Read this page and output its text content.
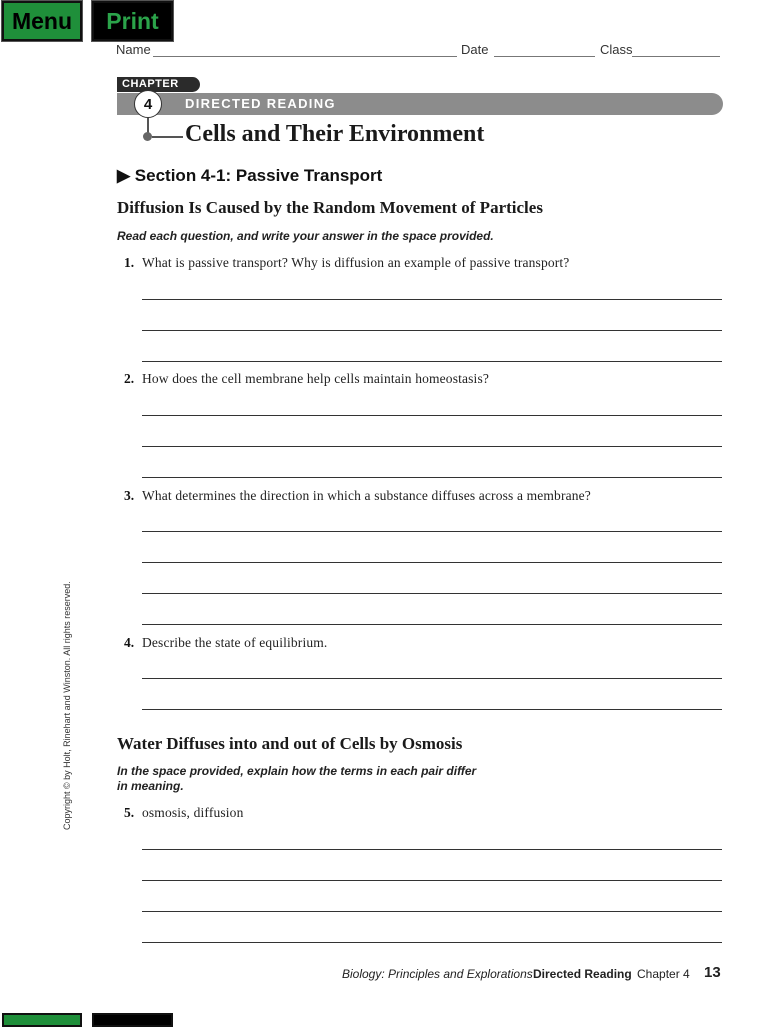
Menu	Print
Name	Date	Class
CHAPTER
DIRECTED READING
4
Cells and Their Environment
▶ Section 4-1: Passive Transport
Diffusion Is Caused by the Random Movement of Particles
Read each question, and write your answer in the space provided.
1. What is passive transport? Why is diffusion an example of passive transport?
2. How does the cell membrane help cells maintain homeostasis?
3. What determines the direction in which a substance diffuses across a membrane?
4. Describe the state of equilibrium.
Water Diffuses into and out of Cells by Osmosis
In the space provided, explain how the terms in each pair differ
in meaning.
5. osmosis, diffusion
Copyright © by Holt, Rinehart and Winston. All rights reserved.
Biology: Principles and Explorations Directed Reading Chapter 4 13
